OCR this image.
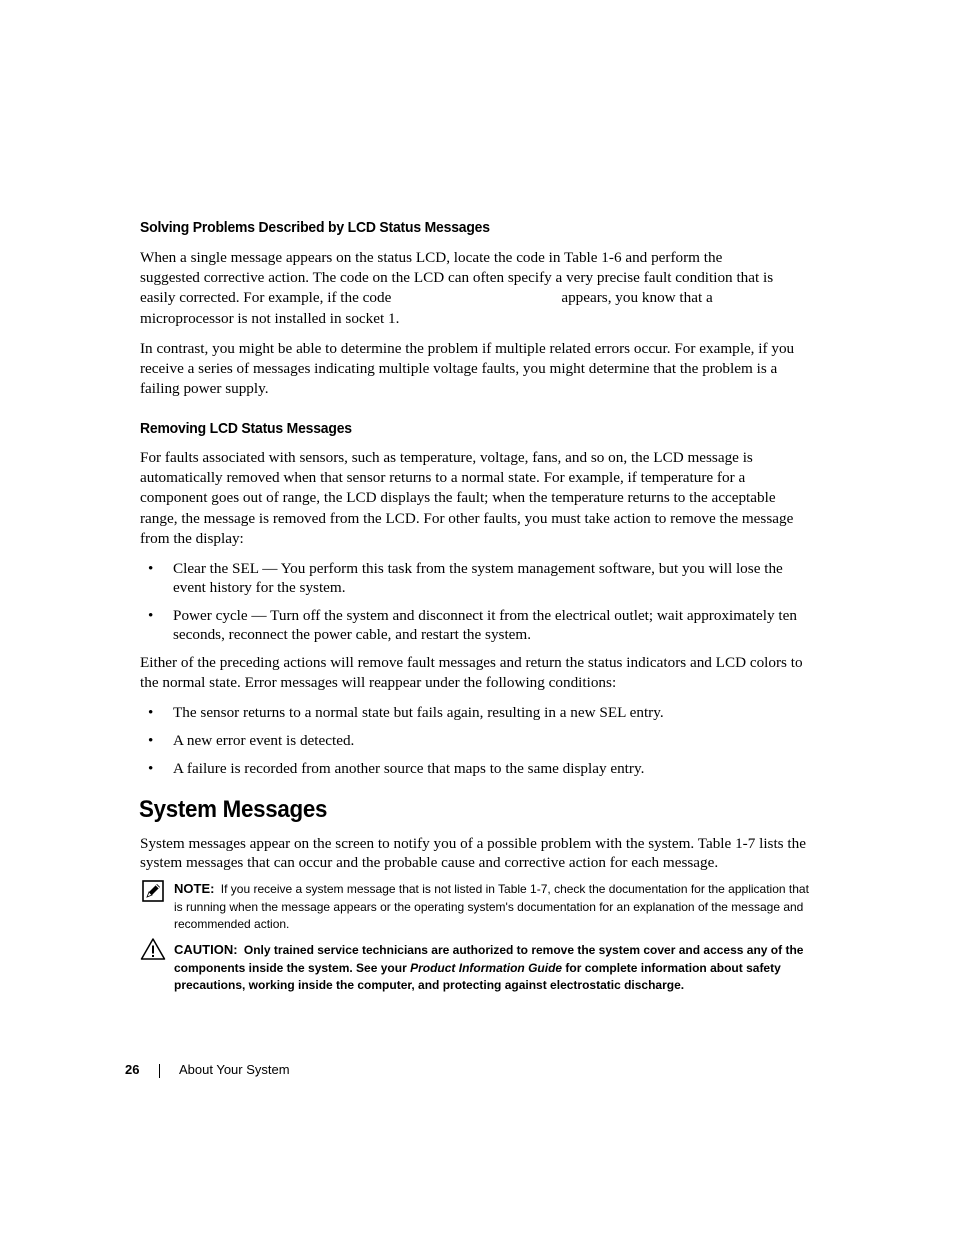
Solving Problems Described by LCD Status Messages

When a single message appears on the status LCD, locate the code in Table 1-6 and perform the

suggested corrective action. The code on the LCD can often specify a very precise fault condition that is

easily corrected. For example, if the code	appears, you know that a

microprocessor is not installed in socket 1.

In contrast, you might be able to determine the problem if multiple related errors occur. For example, if you receive a series of messages indicating multiple voltage faults, you might determine that the problem is a failing power supply.

Removing LCD Status Messages

For faults associated with sensors, such as temperature, voltage, fans, and so on, the LCD message is automatically removed when that sensor returns to a normal state. For example, if temperature for a component goes out of range, the LCD displays the fault; when the temperature returns to the acceptable range, the message is removed from the LCD. For other faults, you must take action to remove the message from the display:

• Clear the SEL — You perform this task from the system management software, but you will lose the event history for the system.
• Power cycle — Turn off the system and disconnect it from the electrical outlet; wait approximately ten seconds, reconnect the power cable, and restart the system.

Either of the preceding actions will remove fault messages and return the status indicators and LCD colors to the normal state. Error messages will reappear under the following conditions:

• The sensor returns to a normal state but fails again, resulting in a new SEL entry.
• A new error event is detected.
• A failure is recorded from another source that maps to the same display entry.
System Messages

System messages appear on the screen to notify you of a possible problem with the system. Table 1-7 lists the system messages that can occur and the probable cause and corrective action for each message.

NOTE: If you receive a system message that is not listed in Table 1-7, check the documentation for the application that is running when the message appears or the operating system's documentation for an explanation of the message and recommended action.
CAUTION: Only trained service technicians are authorized to remove the system cover and access any of the components inside the system. See your Product Information Guide for complete information about safety precautions, working inside the computer, and protecting against electrostatic discharge.
26	About Your System
